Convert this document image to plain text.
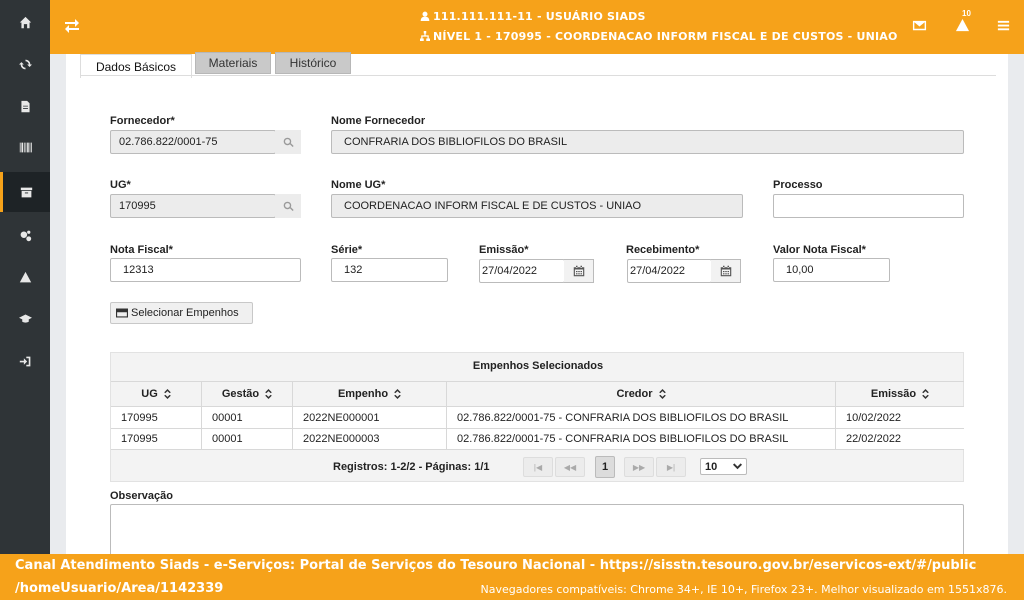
111.111.111-11 - USUÁRIO SIADS
NÍVEL 1 - 170995 - COORDENACAO INFORM FISCAL E DE CUSTOS - UNIAO
10
Dados Básicos	Materiais	Histórico
Fornecedor*
02.786.822/0001-75
Nome Fornecedor
CONFRARIA DOS BIBLIOFILOS DO BRASIL
UG*
170995
Nome UG*
COORDENACAO INFORM FISCAL E DE CUSTOS - UNIAO
Processo
Nota Fiscal*
12313
Série*
132
Emissão*
27/04/2022
Recebimento*
27/04/2022
Valor Nota Fiscal*
10,00
Selecionar Empenhos
Empenhos Selecionados
UG	Gestão	Empenho	Credor	Emissão
170995	00001	2022NE000001	02.786.822/0001-75 - CONFRARIA DOS BIBLIOFILOS DO BRASIL	10/02/2022
170995	00001	2022NE000003	02.786.822/0001-75 - CONFRARIA DOS BIBLIOFILOS DO BRASIL	22/02/2022
Registros: 1-2/2 - Páginas: 1/1	|◀	◀◀	1	▶▶	▶|	10
Observação
Canal Atendimento Siads - e-Serviços: Portal de Serviços do Tesouro Nacional - https://sisstn.tesouro.gov.br/eservicos-ext/#/public
/homeUsuario/Area/1142339	Navegadores compatíveis: Chrome 34+, IE 10+, Firefox 23+. Melhor visualizado em 1551x876.
